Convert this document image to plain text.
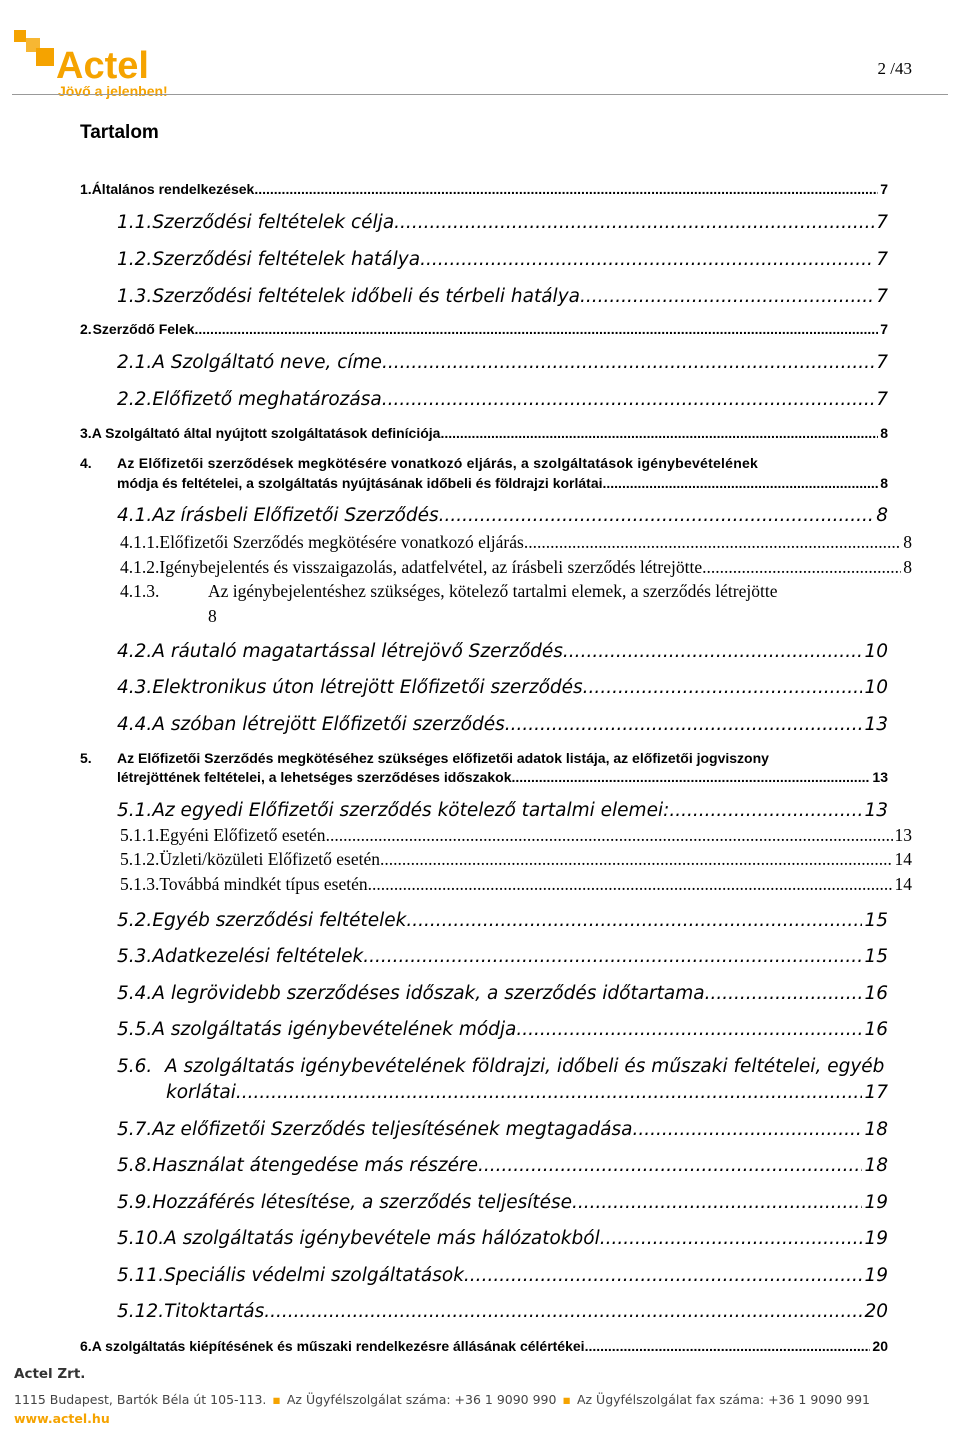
Actel
Jövő a jelenben!
2 /43
Tartalom
1. Általános rendelkezések .....	7
1.1. Szerződési feltételek célja .....	7
1.2. Szerződési feltételek hatálya .....	7
1.3. Szerződési feltételek időbeli és térbeli hatálya .....	7
2. Szerződő Felek .....	7
2.1. A Szolgáltató neve, címe .....	7
2.2. Előfizető meghatározása .....	7
3. A Szolgáltató által nyújtott szolgáltatások definíciója .....	8
4.	Az Előfizetői szerződések megkötésére vonatkozó eljárás, a szolgáltatások igénybevételének
módja és feltételei, a szolgáltatás nyújtásának időbeli és földrajzi korlátai .....	8
4.1. Az írásbeli Előfizetői Szerződés .....	8
4.1.1. Előfizetői Szerződés megkötésére vonatkozó eljárás .....	8
4.1.2. Igénybejelentés és visszaigazolás, adatfelvétel, az írásbeli szerződés létrejötte .....	8
4.1.3.	Az igénybejelentéshez szükséges, kötelező tartalmi elemek, a szerződés létrejötte
8
4.2. A ráutaló magatartással létrejövő Szerződés .....	10
4.3. Elektronikus úton létrejött Előfizetői szerződés .....	10
4.4. A szóban létrejött Előfizetői szerződés .....	13
5.	Az Előfizetői Szerződés megkötéséhez szükséges előfizetői adatok listája, az előfizetői jogviszony
létrejöttének feltételei, a lehetséges szerződéses időszakok .....	13
5.1. Az egyedi Előfizetői szerződés kötelező tartalmi elemei: .....	13
5.1.1. Egyéni Előfizető esetén .....	13
5.1.2. Üzleti/közületi Előfizető esetén .....	14
5.1.3. Továbbá mindkét típus esetén .....	14
5.2. Egyéb szerződési feltételek .....	15
5.3. Adatkezelési feltételek .....	15
5.4. A legrövidebb szerződéses időszak, a szerződés időtartama .....	16
5.5. A szolgáltatás igénybevételének módja .....	16
5.6. A szolgáltatás igénybevételének földrajzi, időbeli és műszaki feltételei, egyéb
korlátai .....	17
5.7. Az előfizetői Szerződés teljesítésének megtagadása .....	18
5.8. Használat átengedése más részére .....	18
5.9. Hozzáférés létesítése, a szerződés teljesítése .....	19
5.10. A szolgáltatás igénybevétele más hálózatokból .....	19
5.11. Speciális védelmi szolgáltatások .....	19
5.12. Titoktartás .....	20
6. A szolgáltatás kiépítésének és műszaki rendelkezésre állásának célértékei .....	20
Actel Zrt.
1115 Budapest, Bartók Béla út 105-113. ▪ Az Ügyfélszolgálat száma: +36 1 9090 990 ▪ Az Ügyfélszolgálat fax száma: +36 1 9090 991
www.actel.hu
